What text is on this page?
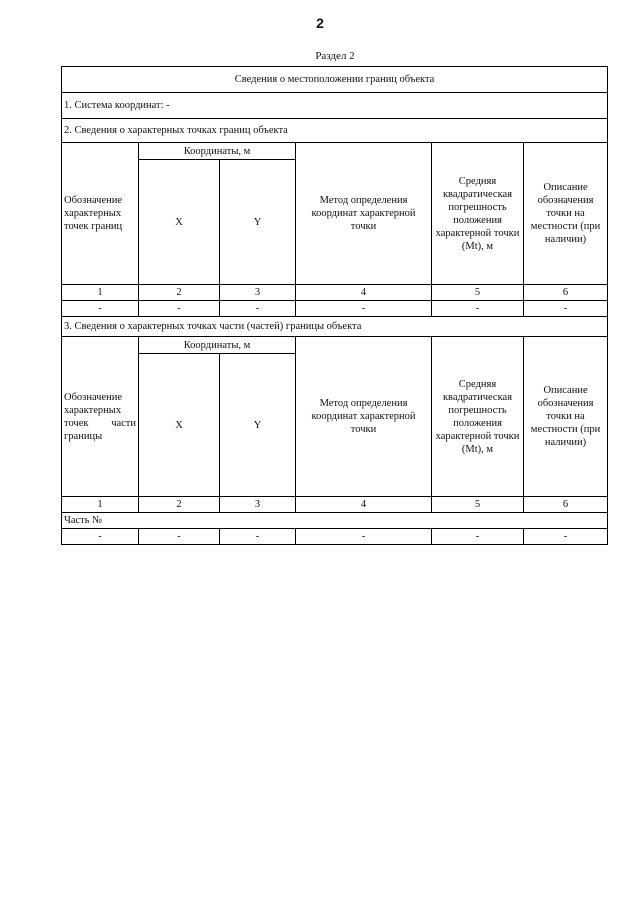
2
Раздел 2
Сведения о местоположении границ объекта					
1. Система координат: -					
2. Сведения о характерных точках границ объекта					
Обозначение характерных точек границ	Координаты, м		Метод определения координат характерной точки	Средняя квадратическая погрешность положения характерной точки (Mt), м	Описание обозначения точки на местности (при наличии)
	X	Y			
1	2	3	4	5	6
-	-	-	-	-	-
3. Сведения о характерных точках части (частей) границы объекта					

Обозначение
характерных
точек части
границы	Координаты, м		Метод определения координат характерной точки	Средняя квадратическая погрешность положения характерной точки (Mt), м	Описание обозначения точки на местности (при наличии)
	X	Y			
1	2	3	4	5	6
Часть №					
-	-	-	-	-	-
